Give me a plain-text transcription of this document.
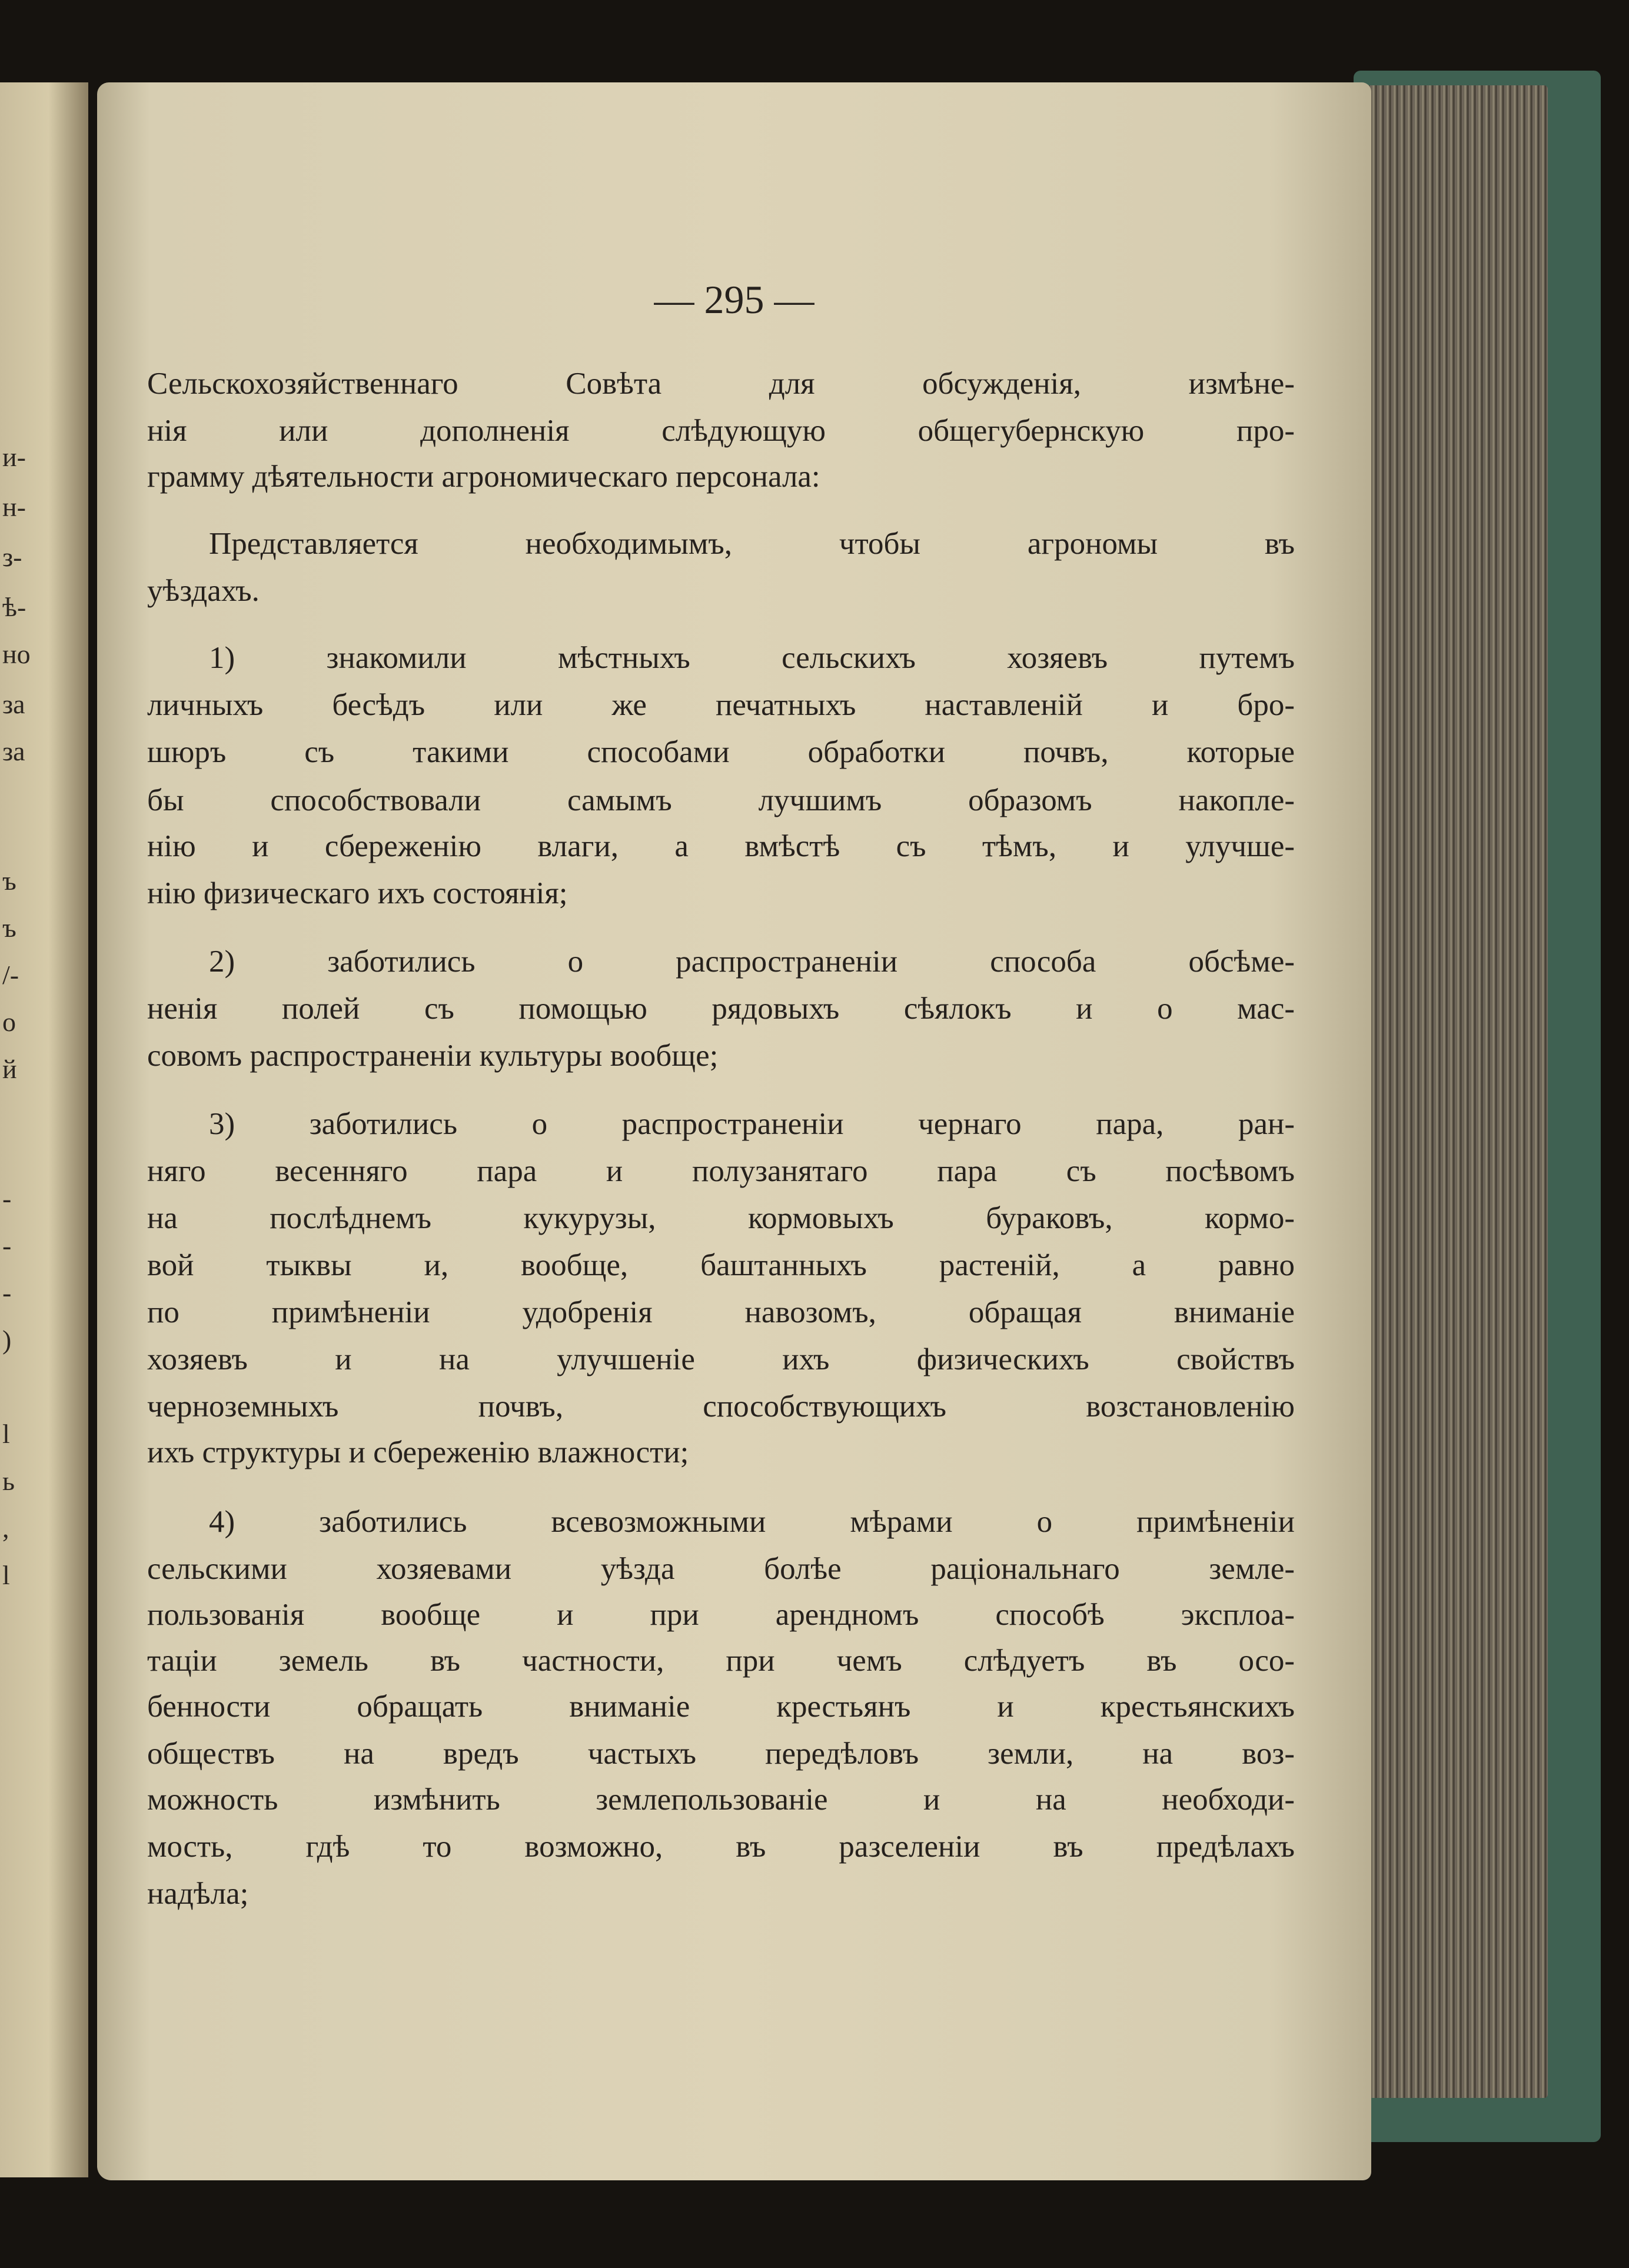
и-
н-
з-
ѣ-
но
за
за
ъ
ъ
/-
о
й
-
-
-
)
l
ь
,
l
— 295 —
Сельскохозяйственнаго Совѣта для обсужденія, измѣне-
нія или дополненія слѣдующую общегубернскую про-
грамму дѣятельности агрономическаго персонала:
Представляется необходимымъ, чтобы агрономы въ
уѣздахъ.
1) знакомили мѣстныхъ сельскихъ хозяевъ путемъ
личныхъ бесѣдъ или же печатныхъ наставленій и бро-
шюръ съ такими способами обработки почвъ, которые
бы способствовали самымъ лучшимъ образомъ накопле-
нію и сбереженію влаги, а вмѣстѣ съ тѣмъ, и улучше-
нію физическаго ихъ состоянія;
2) заботились о распространеніи способа обсѣме-
ненія полей съ помощью рядовыхъ сѣялокъ и о мас-
совомъ распространеніи культуры вообще;
3) заботились о распространеніи чернаго пара, ран-
няго весенняго пара и полузанятаго пара съ посѣвомъ
на послѣднемъ кукурузы, кормовыхъ бураковъ, кормо-
вой тыквы и, вообще, баштанныхъ растеній, а равно
по примѣненіи удобренія навозомъ, обращая вниманіе
хозяевъ и на улучшеніе ихъ физическихъ свойствъ
черноземныхъ почвъ, способствующихъ возстановленію
ихъ структуры и сбереженію влажности;
4) заботились всевозможными мѣрами о примѣненіи
сельскими хозяевами уѣзда болѣе раціональнаго земле-
пользованія вообще и при арендномъ способѣ эксплоа-
таціи земель въ частности, при чемъ слѣдуетъ въ осо-
бенности обращать вниманіе крестьянъ и крестьянскихъ
обществъ на вредъ частыхъ передѣловъ земли, на воз-
можность измѣнить землепользованіе и на необходи-
мость, гдѣ то возможно, въ разселеніи въ предѣлахъ
надѣла;
